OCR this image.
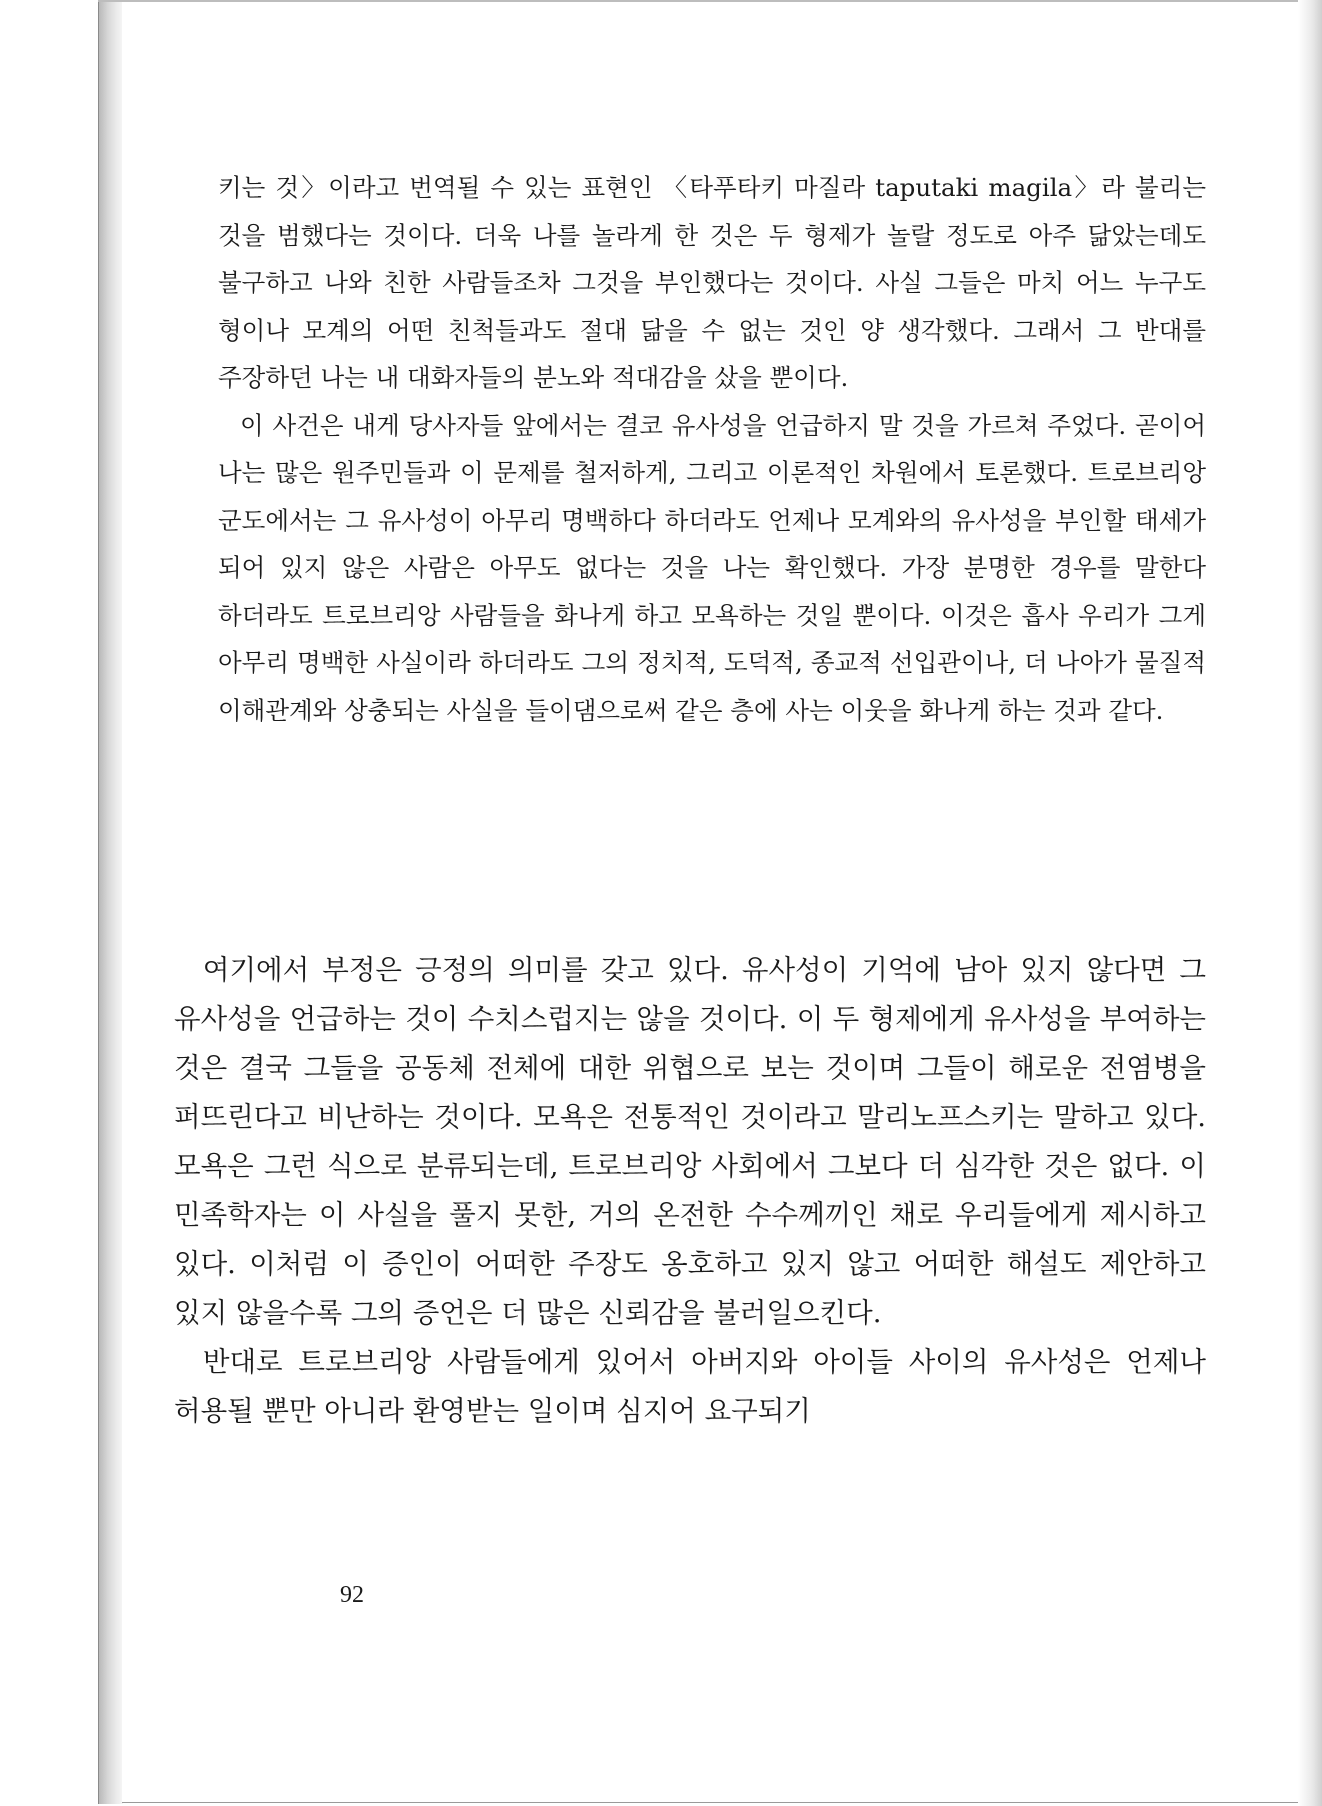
키는 것〉이라고 번역될 수 있는 표현인 〈타푸타키 마질라 taputaki magila〉라 불리는 것을 범했다는 것이다. 더욱 나를 놀라게 한 것은 두 형제가 놀랄 정도로 아주 닮았는데도 불구하고 나와 친한 사람들조차 그것을 부인했다는 것이다. 사실 그들은 마치 어느 누구도 형이나 모계의 어떤 친척들과도 절대 닮을 수 없는 것인 양 생각했다. 그래서 그 반대를 주장하던 나는 내 대화자들의 분노와 적대감을 샀을 뿐이다.

이 사건은 내게 당사자들 앞에서는 결코 유사성을 언급하지 말 것을 가르쳐 주었다. 곧이어 나는 많은 원주민들과 이 문제를 철저하게, 그리고 이론적인 차원에서 토론했다. 트로브리앙 군도에서는 그 유사성이 아무리 명백하다 하더라도 언제나 모계와의 유사성을 부인할 태세가 되어 있지 않은 사람은 아무도 없다는 것을 나는 확인했다. 가장 분명한 경우를 말한다 하더라도 트로브리앙 사람들을 화나게 하고 모욕하는 것일 뿐이다. 이것은 흡사 우리가 그게 아무리 명백한 사실이라 하더라도 그의 정치적, 도덕적, 종교적 선입관이나, 더 나아가 물질적 이해관계와 상충되는 사실을 들이댐으로써 같은 층에 사는 이웃을 화나게 하는 것과 같다.

여기에서 부정은 긍정의 의미를 갖고 있다. 유사성이 기억에 남아 있지 않다면 그 유사성을 언급하는 것이 수치스럽지는 않을 것이다. 이 두 형제에게 유사성을 부여하는 것은 결국 그들을 공동체 전체에 대한 위협으로 보는 것이며 그들이 해로운 전염병을 퍼뜨린다고 비난하는 것이다. 모욕은 전통적인 것이라고 말리노프스키는 말하고 있다. 모욕은 그런 식으로 분류되는데, 트로브리앙 사회에서 그보다 더 심각한 것은 없다. 이 민족학자는 이 사실을 풀지 못한, 거의 온전한 수수께끼인 채로 우리들에게 제시하고 있다. 이처럼 이 증인이 어떠한 주장도 옹호하고 있지 않고 어떠한 해설도 제안하고 있지 않을수록 그의 증언은 더 많은 신뢰감을 불러일으킨다.

반대로 트로브리앙 사람들에게 있어서 아버지와 아이들 사이의 유사성은 언제나 허용될 뿐만 아니라 환영받는 일이며 심지어 요구되기

92
